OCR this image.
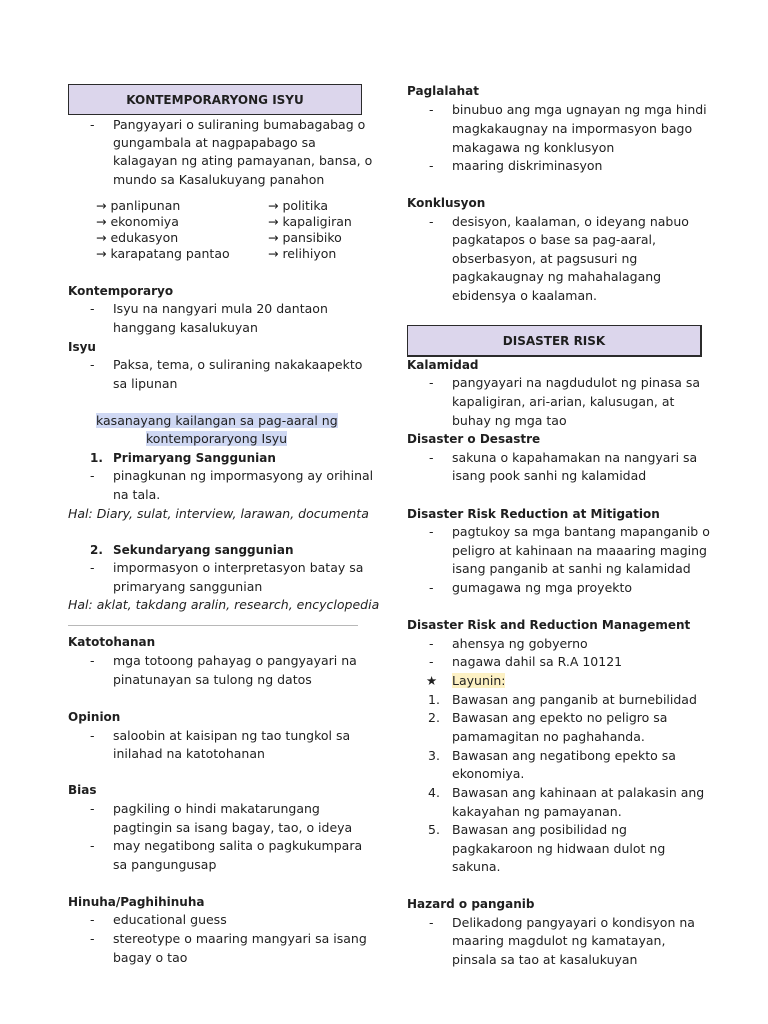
KONTEMPORARYONG ISYU
- Pangyayari o suliraning bumabagabag o
gungambala at nagpapabago sa
kalagayan ng ating pamayanan, bansa, o
mundo sa Kasalukuyang panahon
→ panlipunan
→ ekonomiya
→ edukasyon
→ karapatang pantao
→ politika
→ kapaligiran
→ pansibiko
→ relihiyon
Kontemporaryo
- Isyu na nangyari mula 20 dantaon
hanggang kasalukuyan
Isyu
- Paksa, tema, o suliraning nakakaapekto
sa lipunan
kasanayang kailangan sa pag-aaral ng
kontemporaryong Isyu
1. Primaryang Sanggunian
- pinagkunan ng impormasyong ay orihinal
na tala.
Hal: Diary, sulat, interview, larawan, documenta
2. Sekundaryang sanggunian
- impormasyon o interpretasyon batay sa
primaryang sanggunian
Hal: aklat, takdang aralin, research, encyclopedia
Katotohanan
- mga totoong pahayag o pangyayari na
pinatunayan sa tulong ng datos
Opinion
- saloobin at kaisipan ng tao tungkol sa
inilahad na katotohanan
Bias
- pagkiling o hindi makatarungang
pagtingin sa isang bagay, tao, o ideya
- may negatibong salita o pagkukumpara
sa pangungusap
Hinuha/Paghihinuha
- educational guess
- stereotype o maaring mangyari sa isang
bagay o tao
Paglalahat
- binubuo ang mga ugnayan ng mga hindi
magkakaugnay na impormasyon bago
makagawa ng konklusyon
- maaring diskriminasyon
Konklusyon
- desisyon, kaalaman, o ideyang nabuo
pagkatapos o base sa pag-aaral,
obserbasyon, at pagsusuri ng
pagkakaugnay ng mahahalagang
ebidensya o kaalaman.
DISASTER RISK
Kalamidad
- pangyayari na nagdudulot ng pinasa sa
kapaligiran, ari-arian, kalusugan, at
buhay ng mga tao
Disaster o Desastre
- sakuna o kapahamakan na nangyari sa
isang pook sanhi ng kalamidad
Disaster Risk Reduction at Mitigation
- pagtukoy sa mga bantang mapanganib o
peligro at kahinaan na maaaring maging
isang panganib at sanhi ng kalamidad
- gumagawa ng mga proyekto
Disaster Risk and Reduction Management
- ahensya ng gobyerno
- nagawa dahil sa R.A 10121
★ Layunin:
1. Bawasan ang panganib at burnebilidad
2. Bawasan ang epekto no peligro sa
pamamagitan no paghahanda.
3. Bawasan ang negatibong epekto sa
ekonomiya.
4. Bawasan ang kahinaan at palakasin ang
kakayahan ng pamayanan.
5. Bawasan ang posibilidad ng
pagkakaroon ng hidwaan dulot ng
sakuna.
Hazard o panganib
- Delikadong pangyayari o kondisyon na
maaring magdulot ng kamatayan,
pinsala sa tao at kasalukuyan
